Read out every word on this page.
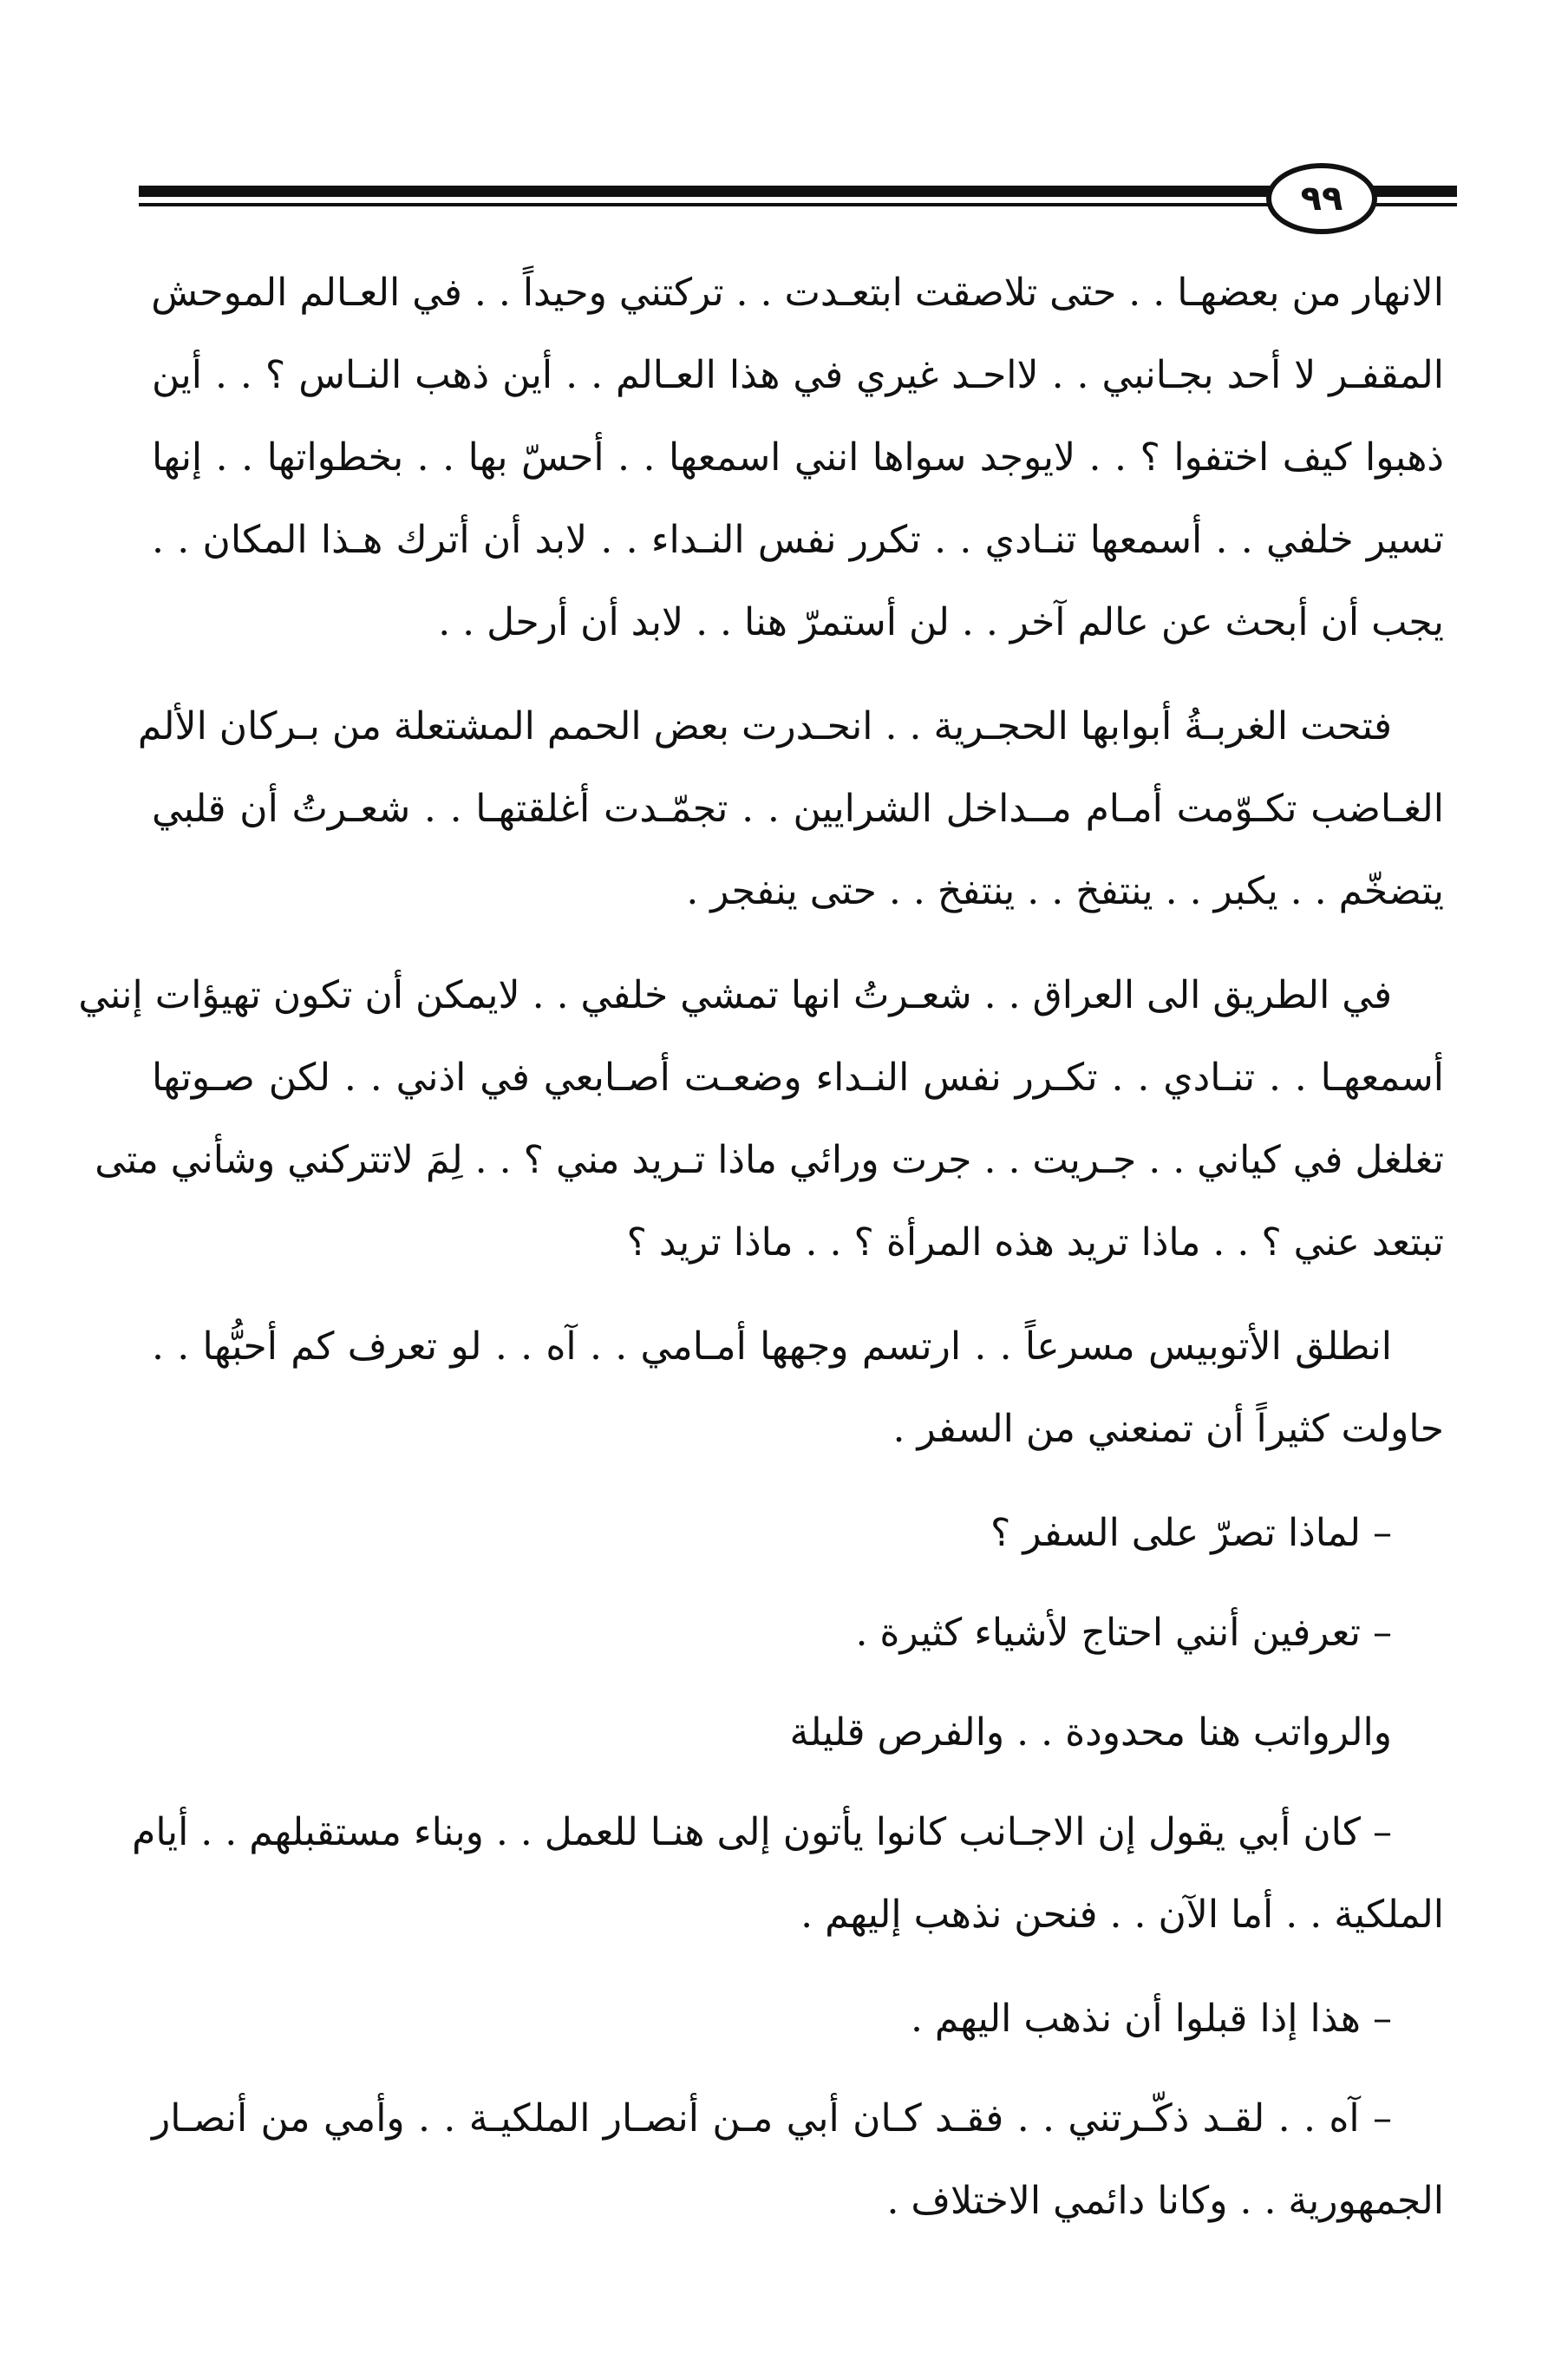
٩٩

الانهار من بعضهـا . . حتى تلاصقت ابتعـدت . . تركتني وحيداً . . في العـالم الموحش
المقفـر لا أحد بجـانبي . . لااحـد غيري في هذا العـالم . . أين ذهب النـاس ؟ . . أين
ذهبوا كيف اختفوا ؟ . . لايوجد سواها انني اسمعها . . أحسّ بها . . بخطواتها . . إنها
تسير خلفي . . أسمعها تنـادي . . تكرر نفس النـداء . . لابد أن أترك هـذا المكان . .
يجب أن أبحث عن عالم آخر . . لن أستمرّ هنا . . لابد أن أرحل . .

فتحت الغربـةُ أبوابها الحجـرية . . انحـدرت بعض الحمم المشتعلة من بـركان الألم
الغـاضب تكـوّمت أمـام مــداخل الشرايين . . تجمّـدت أغلقتهـا . . شعـرتُ أن قلبي
يتضخّم . . يكبر . . ينتفخ . . ينتفخ . . حتى ينفجر .

في الطريق الى العراق . . شعـرتُ انها تمشي خلفي . . لايمكن أن تكون تهيؤات إنني
أسمعهـا . . تنـادي . . تكـرر نفس النـداء وضعـت أصـابعي في اذني . . لكن صـوتها
تغلغل في كياني . . جـريت . . جرت ورائي ماذا تـريد مني ؟ . . لِمَ لاتتركني وشأني متى
تبتعد عني ؟ . . ماذا تريد هذه المرأة ؟ . . ماذا تريد ؟

انطلق الأتوبيس مسرعاً . . ارتسم وجهها أمـامي . . آه . . لو تعرف كم أحبُّها . .
حاولت كثيراً أن تمنعني من السفر .

– لماذا تصرّ على السفر ؟

– تعرفين أنني احتاج لأشياء كثيرة .

والرواتب هنا محدودة . . والفرص قليلة

– كان أبي يقول إن الاجـانب كانوا يأتون إلى هنـا للعمل . . وبناء مستقبلهم . . أيام
الملكية . . أما الآن . . فنحن نذهب إليهم .

– هذا إذا قبلوا أن نذهب اليهم .

– آه . . لقـد ذكّـرتني . . فقـد كـان أبي مـن أنصـار الملكيـة . . وأمي من أنصـار
الجمهورية . . وكانا دائمي الاختلاف .
